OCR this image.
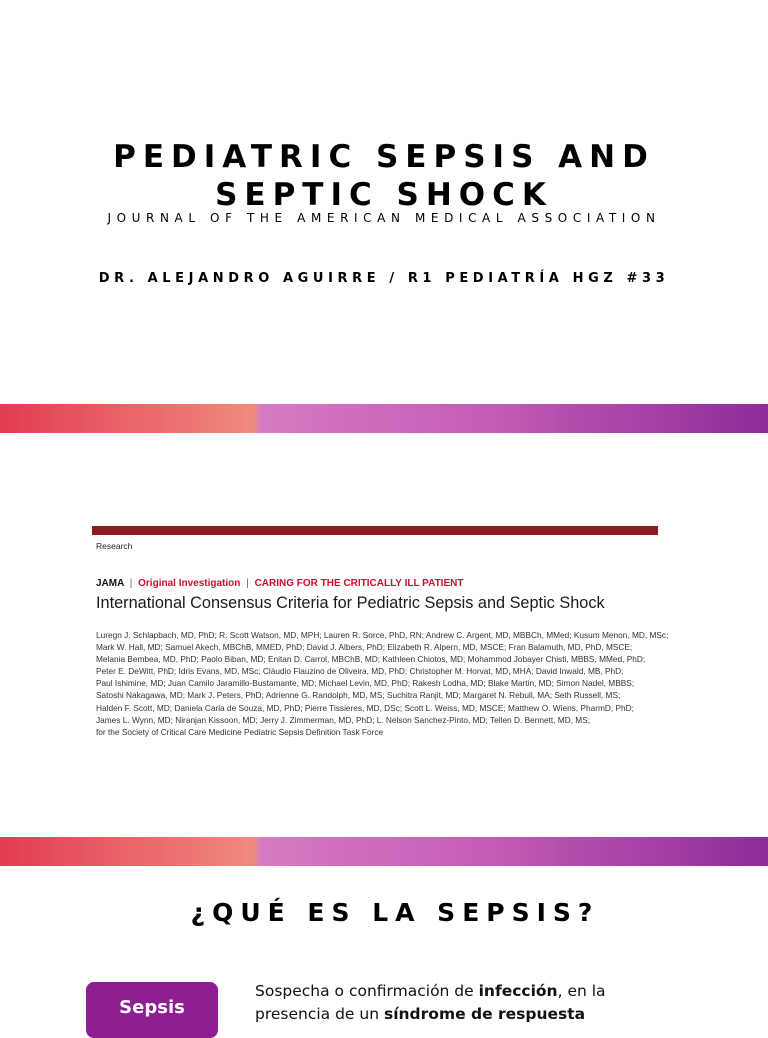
PEDIATRIC SEPSIS AND
SEPTIC SHOCK
JOURNAL OF THE AMERICAN MEDICAL ASSOCIATION
DR. ALEJANDRO AGUIRRE / R1 PEDIATRÍA HGZ #33
Research
JAMA | Original Investigation | CARING FOR THE CRITICALLY ILL PATIENT
International Consensus Criteria for Pediatric Sepsis and Septic Shock
Luregn J. Schlapbach, MD, PhD; R. Scott Watson, MD, MPH; Lauren R. Sorce, PhD, RN; Andrew C. Argent, MD, MBBCh, MMed; Kusum Menon, MD, MSc;
Mark W. Hall, MD; Samuel Akech, MBChB, MMED, PhD; David J. Albers, PhD; Elizabeth R. Alpern, MD, MSCE; Fran Balamuth, MD, PhD, MSCE;
Melania Bembea, MD, PhD; Paolo Biban, MD; Enitan D. Carrol, MBChB, MD; Kathleen Chiotos, MD; Mohammod Jobayer Chisti, MBBS, MMed, PhD;
Peter E. DeWitt, PhD; Idris Evans, MD, MSc; Cláudio Flauzino de Oliveira, MD, PhD; Christopher M. Horvat, MD, MHA; David Inwald, MB, PhD;
Paul Ishimine, MD; Juan Camilo Jaramillo-Bustamante, MD; Michael Levin, MD, PhD; Rakesh Lodha, MD; Blake Martin, MD; Simon Nadel, MBBS;
Satoshi Nakagawa, MD; Mark J. Peters, PhD; Adrienne G. Randolph, MD, MS; Suchitra Ranjit, MD; Margaret N. Rebull, MA; Seth Russell, MS;
Halden F. Scott, MD; Daniela Carla de Souza, MD, PhD; Pierre Tissieres, MD, DSc; Scott L. Weiss, MD, MSCE; Matthew O. Wiens, PharmD, PhD;
James L. Wynn, MD; Niranjan Kissoon, MD; Jerry J. Zimmerman, MD, PhD; L. Nelson Sanchez-Pinto, MD; Tellen D. Bennett, MD, MS;
for the Society of Critical Care Medicine Pediatric Sepsis Definition Task Force
¿QUÉ ES LA SEPSIS?
Sepsis
Sospecha o confirmación de infección, en la presencia de un síndrome de respuesta
